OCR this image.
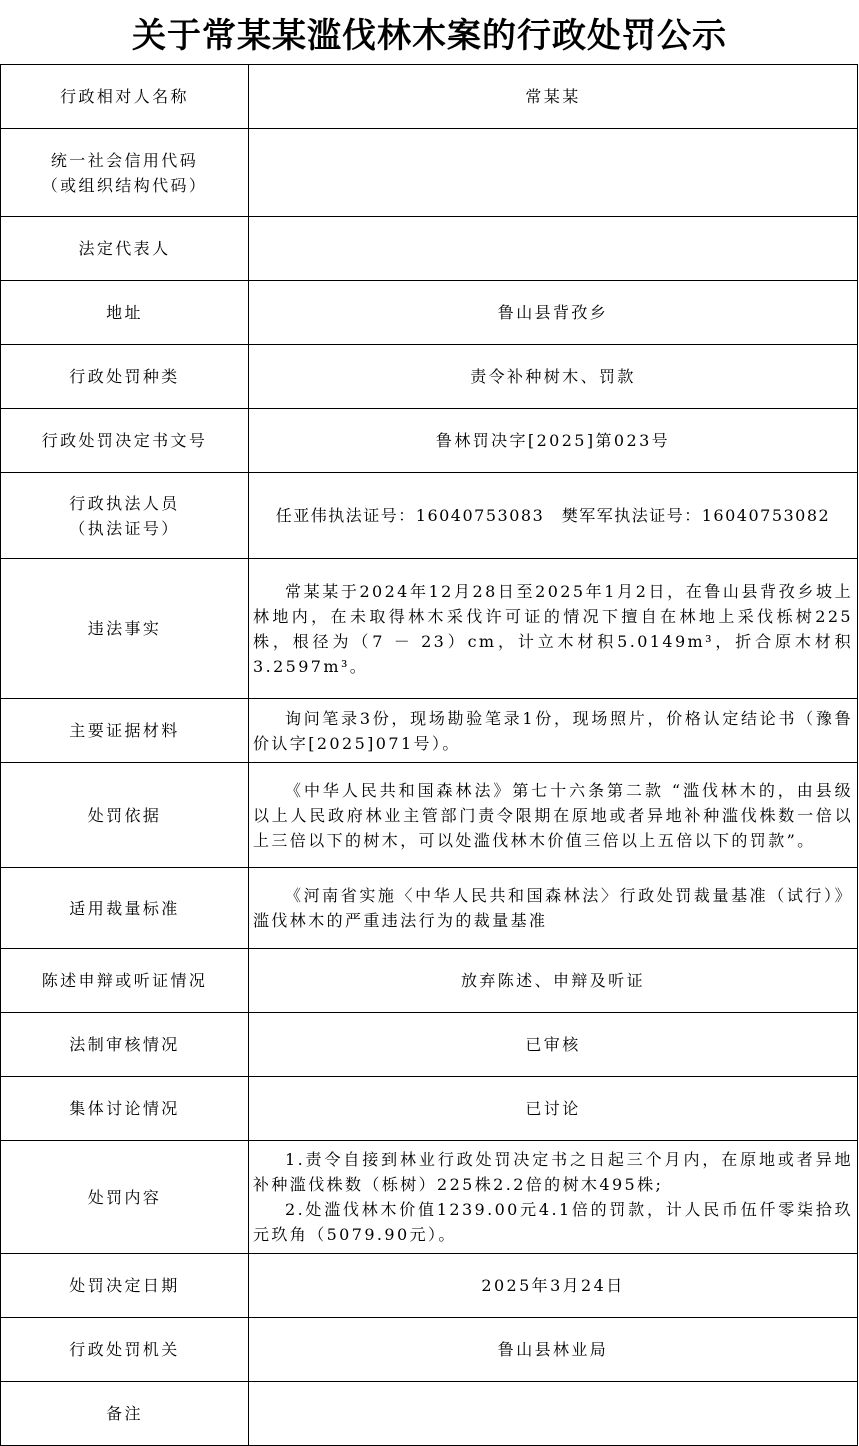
关于常某某滥伐林木案的行政处罚公示
行政相对人名称	常某某

统一社会信用代码
（或组织结构代码）	

法定代表人	
地址	鲁山县背孜乡
行政处罚种类	责令补种树木、罚款
行政处罚决定书文号	鲁林罚决字[2025]第023号

行政执法人员
（执法证号）	任亚伟执法证号：16040753083　樊军军执法证号：16040753082
违法事实	常某某于2024年12月28日至2025年1月2日，在鲁山县背孜乡坡上林地内，在未取得林木采伐许可证的情况下擅自在林地上采伐栎树225株，根径为（7 － 23）cm，计立木材积5.0149m³，折合原木材积3.2597m³。

主要证据材料	询问笔录3份，现场勘验笔录1份，现场照片，价格认定结论书（豫鲁价认字[2025]071号）。

处罚依据	《中华人民共和国森林法》第七十六条第二款 “滥伐林木的，由县级以上人民政府林业主管部门责令限期在原地或者异地补种滥伐株数一倍以上三倍以下的树木，可以处滥伐林木价值三倍以上五倍以下的罚款”。

适用裁量标准	《河南省实施〈中华人民共和国森林法〉行政处罚裁量基准（试行）》滥伐林木的严重违法行为的裁量基准

陈述申辩或听证情况	放弃陈述、申辩及听证
法制审核情况	已审核
集体讨论情况	已讨论
处罚内容	1.责令自接到林业行政处罚决定书之日起三个月内，在原地或者异地补种滥伐株数（栎树）225株2.2倍的树木495株;
2.处滥伐林木价值1239.00元4.1倍的罚款，计人民币伍仟零柒拾玖元玖角（5079.90元）。

处罚决定日期	2025年3月24日
行政处罚机关	鲁山县林业局
备注	
